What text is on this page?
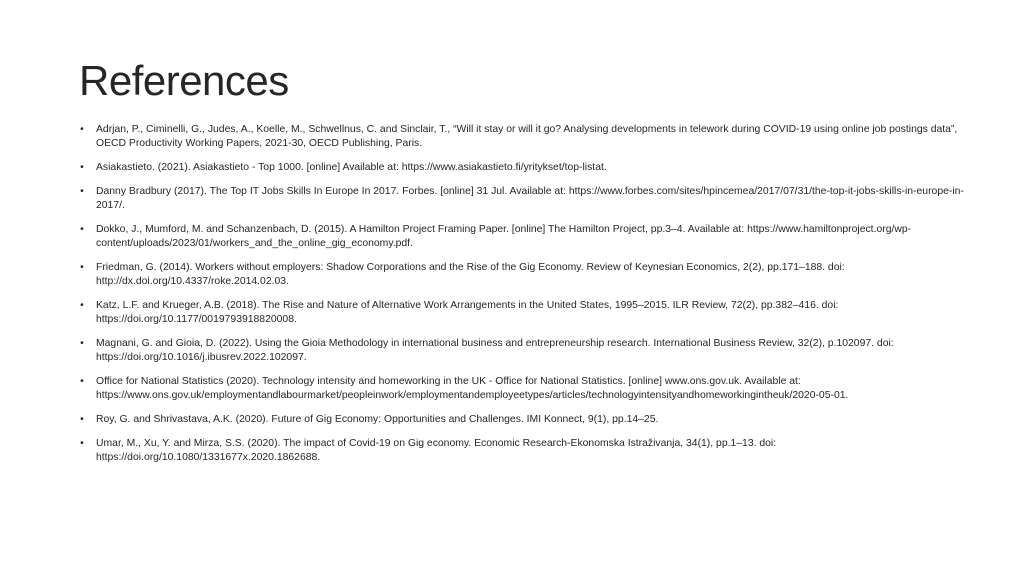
References
•	Adrjan, P., Ciminelli, G., Judes, A., Koelle, M., Schwellnus, C. and Sinclair, T., “Will it stay or will it go? Analysing developments in telework during COVID-19 using online job postings data”, OECD Productivity Working Papers, 2021-30, OECD Publishing, Paris.
•	Asiakastieto. (2021). Asiakastieto - Top 1000. [online] Available at: https://www.asiakastieto.fi/yritykset/top-listat.
•	Danny Bradbury (2017). The Top IT Jobs Skills In Europe In 2017. Forbes. [online] 31 Jul. Available at: https://www.forbes.com/sites/hpincemea/2017/07/31/the-top-it-jobs-skills-in-europe-in-2017/.
•	Dokko, J., Mumford, M. and Schanzenbach, D. (2015). A Hamilton Project Framing Paper. [online] The Hamilton Project, pp.3–4. Available at: https://www.hamiltonproject.org/wp-content/uploads/2023/01/workers_and_the_online_gig_economy.pdf.
•	Friedman, G. (2014). Workers without employers: Shadow Corporations and the Rise of the Gig Economy. Review of Keynesian Economics, 2(2), pp.171–188. doi: http://dx.doi.org/10.4337/roke.2014.02.03.
•	Katz, L.F. and Krueger, A.B. (2018). The Rise and Nature of Alternative Work Arrangements in the United States, 1995–2015. ILR Review, 72(2), pp.382–416. doi: https://doi.org/10.1177/0019793918820008.
•	Magnani, G. and Gioia, D. (2022). Using the Gioia Methodology in international business and entrepreneurship research. International Business Review, 32(2), p.102097. doi: https://doi.org/10.1016/j.ibusrev.2022.102097.
•	Office for National Statistics (2020). Technology intensity and homeworking in the UK - Office for National Statistics. [online] www.ons.gov.uk. Available at: https://www.ons.gov.uk/employmentandlabourmarket/peopleinwork/employmentandemployeetypes/articles/technologyintensityandhomeworkingintheuk/2020-05-01.
•	Roy, G. and Shrivastava, A.K. (2020). Future of Gig Economy: Opportunities and Challenges. IMI Konnect, 9(1), pp.14–25.
•	Umar, M., Xu, Y. and Mirza, S.S. (2020). The impact of Covid-19 on Gig economy. Economic Research-Ekonomska Istraživanja, 34(1), pp.1–13. doi: https://doi.org/10.1080/1331677x.2020.1862688.
